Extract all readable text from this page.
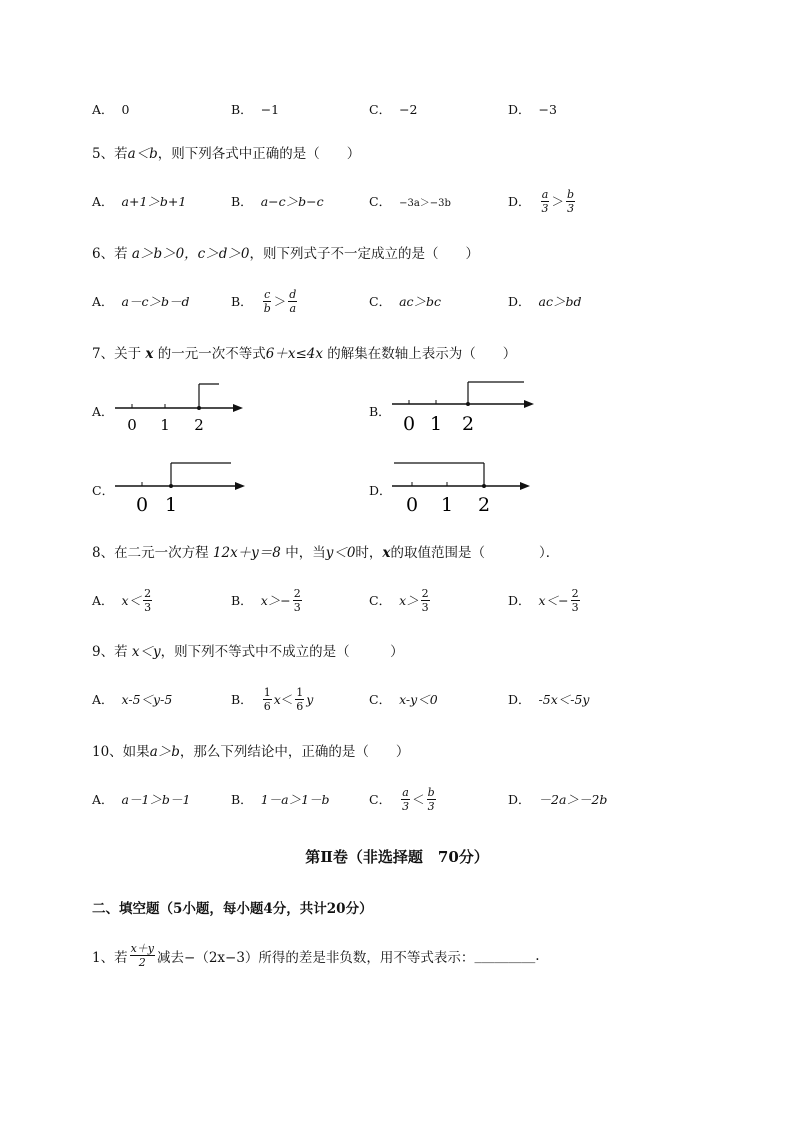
A． 0	B． −1	C． −2	D． −3
5、若a＜b，则下列各式中正确的是（　　）
A． a+1＞b+1	B． a−c＞b−c	C． −3a＞−3b	D． $\frac{a}{3} > \frac{b}{3}$
6、若 a＞b＞0，c＞d＞0，则下列式子不一定成立的是（　　）
A． a－c＞b－d	B． $\frac{c}{b} > \frac{d}{a}$	C． ac＞bc	D． ac＞bd
7、关于 x 的一元一次不等式6＋x≤4x 的解集在数轴上表示为（　　）
A．
0 1 2
B．
0 1 2
C．
0 1
D．
0 1 2
8、在二元一次方程 12x＋y＝8 中，当y＜0时，x的取值范围是（　　　　）．
A． $x< \frac{2}{3}$	B． $x>- \frac{2}{3}$	C． $x> \frac{2}{3}$	D． $x<- \frac{2}{3}$
9、若 x＜y，则下列不等式中不成立的是（　　　）
A． x-5＜y-5	B． $\frac{1}{6}$ $x < \frac{1}{6}$ y	C． x-y＜0	D． -5x＜-5y
10、如果a＞b，那么下列结论中，正确的是（　　）
A． a－1＞b－1	B． 1－a＞1－b	C． $\frac{a}{3} < \frac{b}{3}$	D． －2a＞－2b
第Ⅱ卷（非选择题　70分）
二、填空题（5小题，每小题4分，共计20分）
1、若 $\frac{x+y}{2}$ 减去−（2x−3）所得的差是非负数，用不等式表示： _________.
